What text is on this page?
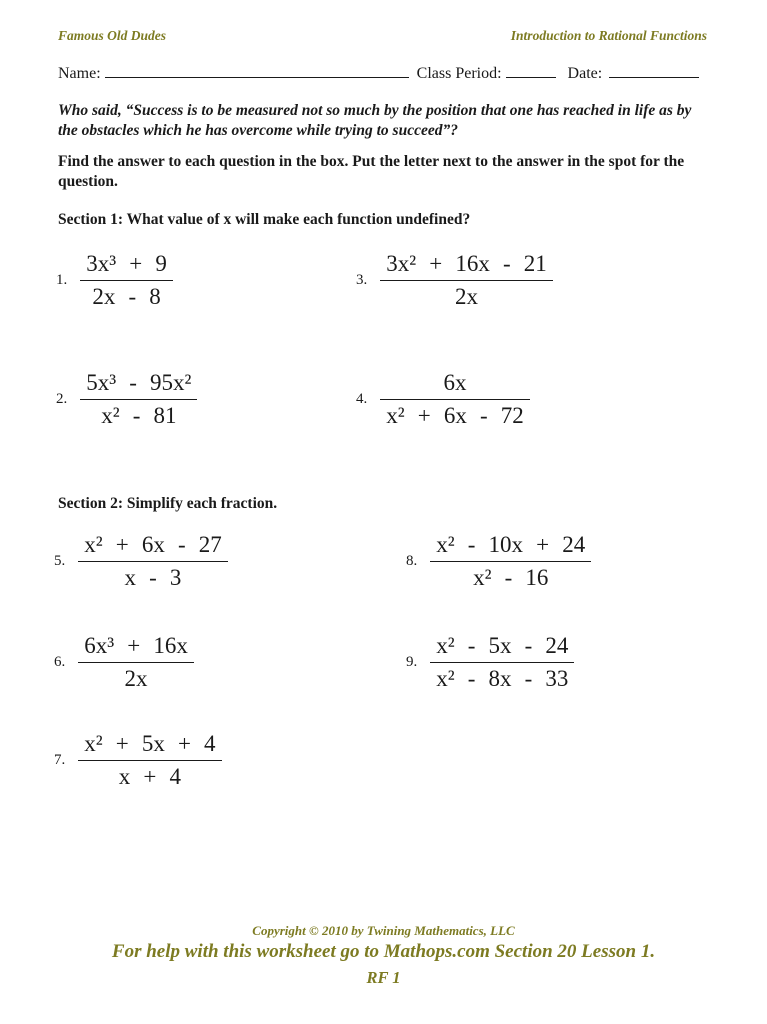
Famous Old Dudes	Introduction to Rational Functions
Name:	Class Period:	Date:

Who said, “Success is to be measured not so much by the position that one has reached in life as by the obstacles which he has overcome while trying to succeed”?

Find the answer to each question in the box. Put the letter next to the answer in the spot for the question.

Section 1: What value of x will make each function undefined?
1. $\frac{\text{3x³ + 9}}{2x - 8}$	3. $\frac{\text{3x² + 16x - 21}}{2x}$
2. $\frac{\text{5x³ - 95x²}}{\text{x² - 81}}$	4. $\frac{6x}{\text{x² + 6x - 72}}$
Section 2: Simplify each fraction.
5. $\frac{\text{x² + 6x - 27}}{x - 3}$	8. $\frac{\text{x² - 10x + 24}}{\text{x² - 16}}$
6. $\frac{\text{6x³ + 16x}}{2x}$	9. $\frac{\text{x² - 5x - 24}}{\text{x² - 8x - 33}}$
7. $\frac{\text{x² + 5x + 4}}{x + 4}$

Copyright © 2010 by Twining Mathematics, LLC

For help with this worksheet go to Mathops.com Section 20 Lesson 1.

RF 1
